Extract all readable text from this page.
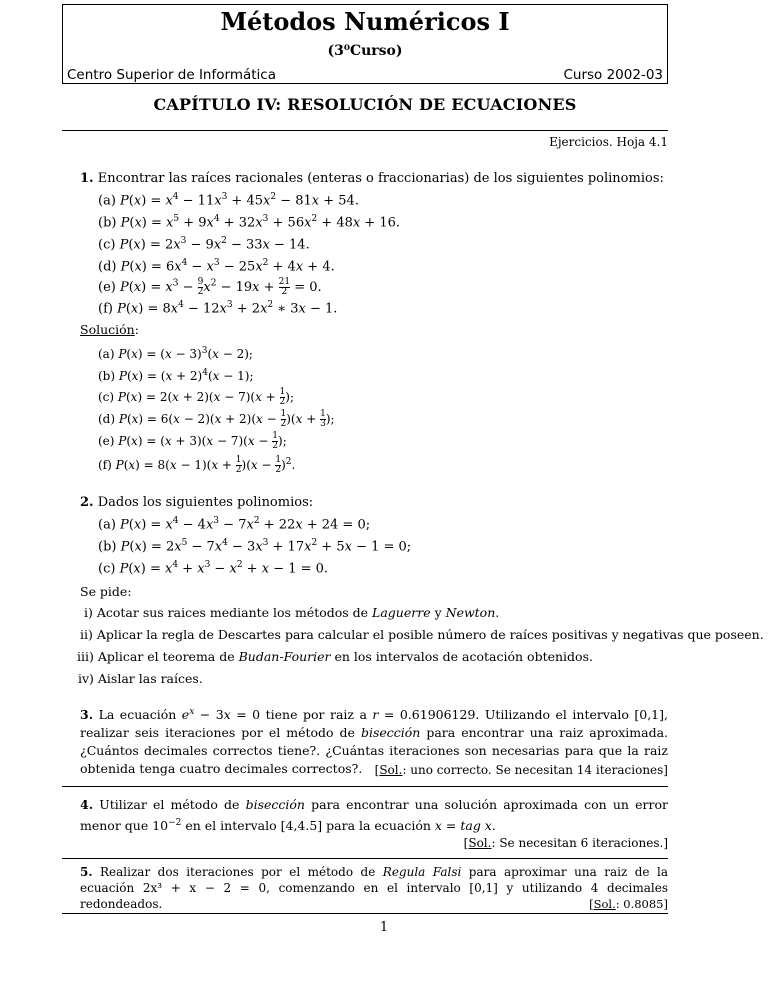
Métodos Numéricos I
(3⁰Curso)
Centro Superior de Informática	Curso 2002-03
CAPÍTULO IV: RESOLUCIÓN DE ECUACIONES
Ejercicios. Hoja 4.1
1. Encontrar las raíces racionales (enteras o fraccionarias) de los siguientes polinomios:
(a) $P(x) = x^4 - 11x^3 + 45x^2 - 81x + 54$.
(b) $P(x) = x^5 + 9x^4 + 32x^3 + 56x^2 + 48x + 16$.
(c) $P(x) = 2x^3 - 9x^2 - 33x - 14$.
(d) $P(x) = 6x^4 - x^3 - 25x^2 + 4x + 4$.
(e) $P(x) = x^3 - \frac{9}{2} x^2 - 19x + \frac{21}{2} = 0$.
(f) $P(x) = 8x^4 - 12x^3 + 2x^2$ ∗ 3x − 1.
Solución:
(a) $P(x) = (x - 3)^3(x - 2)$;
(b) $P(x) = (x + 2)^4(x - 1)$;
(c) $P(x) = 2(x + 2)(x - 7)(x + \frac{1}{2}$ );
(d) $P(x) = 6(x - 2)(x + 2)(x - \frac{1}{2} )(x + \frac{1}{3}$ );
(e) $P(x) = (x + 3)(x - 7)(x - \frac{1}{2}$ );
(f) $P(x) = 8(x - 1)(x + \frac{1}{2} )(x - \frac{1}{2} )^2$.
2. Dados los siguientes polinomios:
(a) $P(x) = x^4 - 4x^3 - 7x^2 + 22x + 24 = 0$;
(b) $P(x) = 2x^5 - 7x^4 - 3x^3 + 17x^2 + 5x - 1 = 0$;
(c) $P(x) = x^4 + x^3 - x^2 + x - 1 = 0$.
Se pide:
i) Acotar sus raices mediante los métodos de Laguerre y Newton.
ii) Aplicar la regla de Descartes para calcular el posible número de raíces positivas y negativas que poseen.
iii) Aplicar el teorema de Budan-Fourier en los intervalos de acotación obtenidos.
iv) Aislar las raíces.
3. La ecuación $e^x - 3x = 0$ tiene por raiz a r = 0.61906129. Utilizando el intervalo [0,1], realizar seis iteraciones por el método de bisección para encontrar una raiz aproximada. ¿Cuántos decimales correctos tiene?. ¿Cuántas iteraciones son necesarias para que la raiz obtenida tenga cuatro decimales correctos?.	[Sol.: uno correcto. Se necesitan 14 iteraciones]
4. Utilizar el método de bisección para encontrar una solución aproximada con un error menor que $10^{-2}$ en el intervalo [4,4.5] para la ecuación x = tag x.
[Sol.: Se necesitan 6 iteraciones.]
5. Realizar dos iteraciones por el método de Regula Falsi para aproximar una raiz de la ecuación 2x³ + x − 2 = 0, comenzando en el intervalo [0,1] y utilizando 4 decimales redondeados.	[Sol.: 0.8085]
1
